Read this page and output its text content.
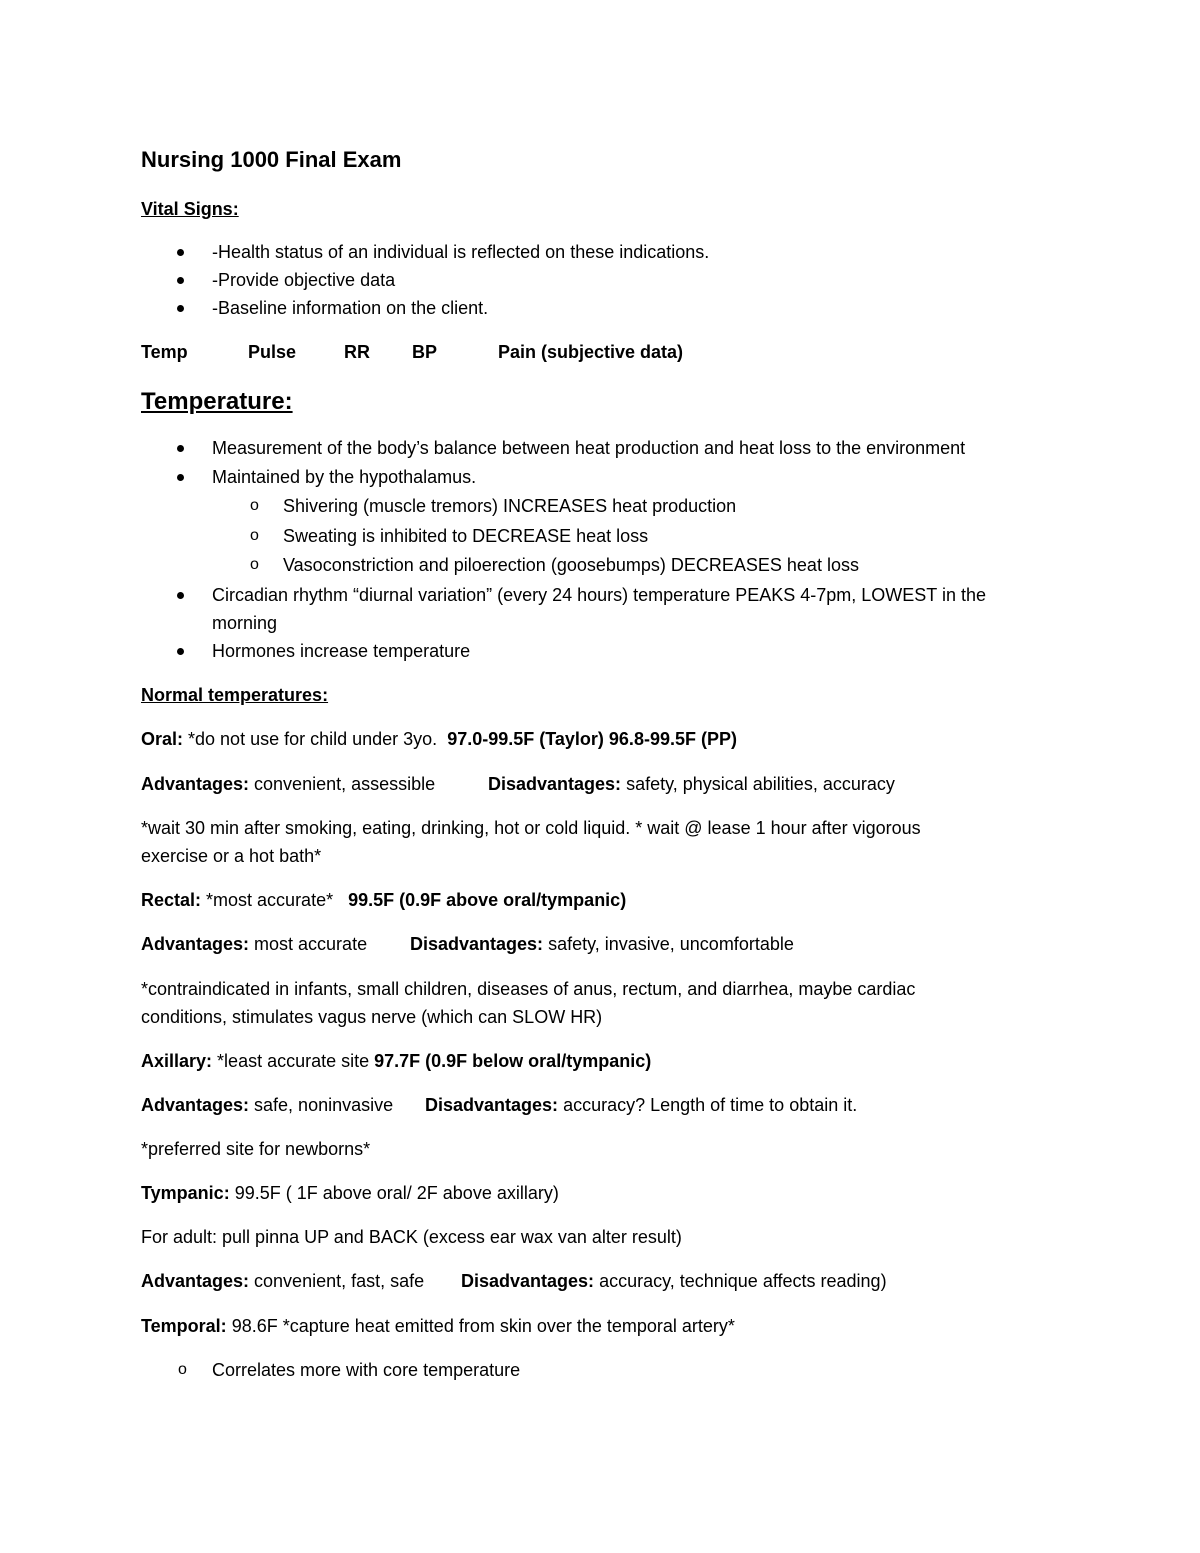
Nursing 1000 Final Exam
Vital Signs:
-Health status of an individual is reflected on these indications.
-Provide objective data
-Baseline information on the client.
Temp	Pulse	RR BP	Pain (subjective data)
Temperature:
Measurement of the body’s balance between heat production and heat loss to the environment
Maintained by the hypothalamus.
o Shivering (muscle tremors) INCREASES heat production
o Sweating is inhibited to DECREASE heat loss
o Vasoconstriction and piloerection (goosebumps) DECREASES heat loss
Circadian rhythm “diurnal variation” (every 24 hours) temperature PEAKS 4-7pm, LOWEST in the
morning
Hormones increase temperature
Normal temperatures:
Oral: *do not use for child under 3yo.  97.0-99.5F (Taylor) 96.8-99.5F (PP)
Advantages: convenient, assessible	Disadvantages: safety, physical abilities, accuracy
*wait 30 min after smoking, eating, drinking, hot or cold liquid. * wait @ lease 1 hour after vigorous
exercise or a hot bath*
Rectal: *most accurate*   99.5F (0.9F above oral/tympanic)
Advantages: most accurate Disadvantages: safety, invasive, uncomfortable
*contraindicated in infants, small children, diseases of anus, rectum, and diarrhea, maybe cardiac
conditions, stimulates vagus nerve (which can SLOW HR)
Axillary: *least accurate site 97.7F (0.9F below oral/tympanic)
Advantages: safe, noninvasive Disadvantages: accuracy? Length of time to obtain it.
*preferred site for newborns*
Tympanic: 99.5F ( 1F above oral/ 2F above axillary)
For adult: pull pinna UP and BACK (excess ear wax van alter result)
Advantages: convenient, fast, safe Disadvantages: accuracy, technique affects reading)
Temporal: 98.6F *capture heat emitted from skin over the temporal artery*
o Correlates more with core temperature
